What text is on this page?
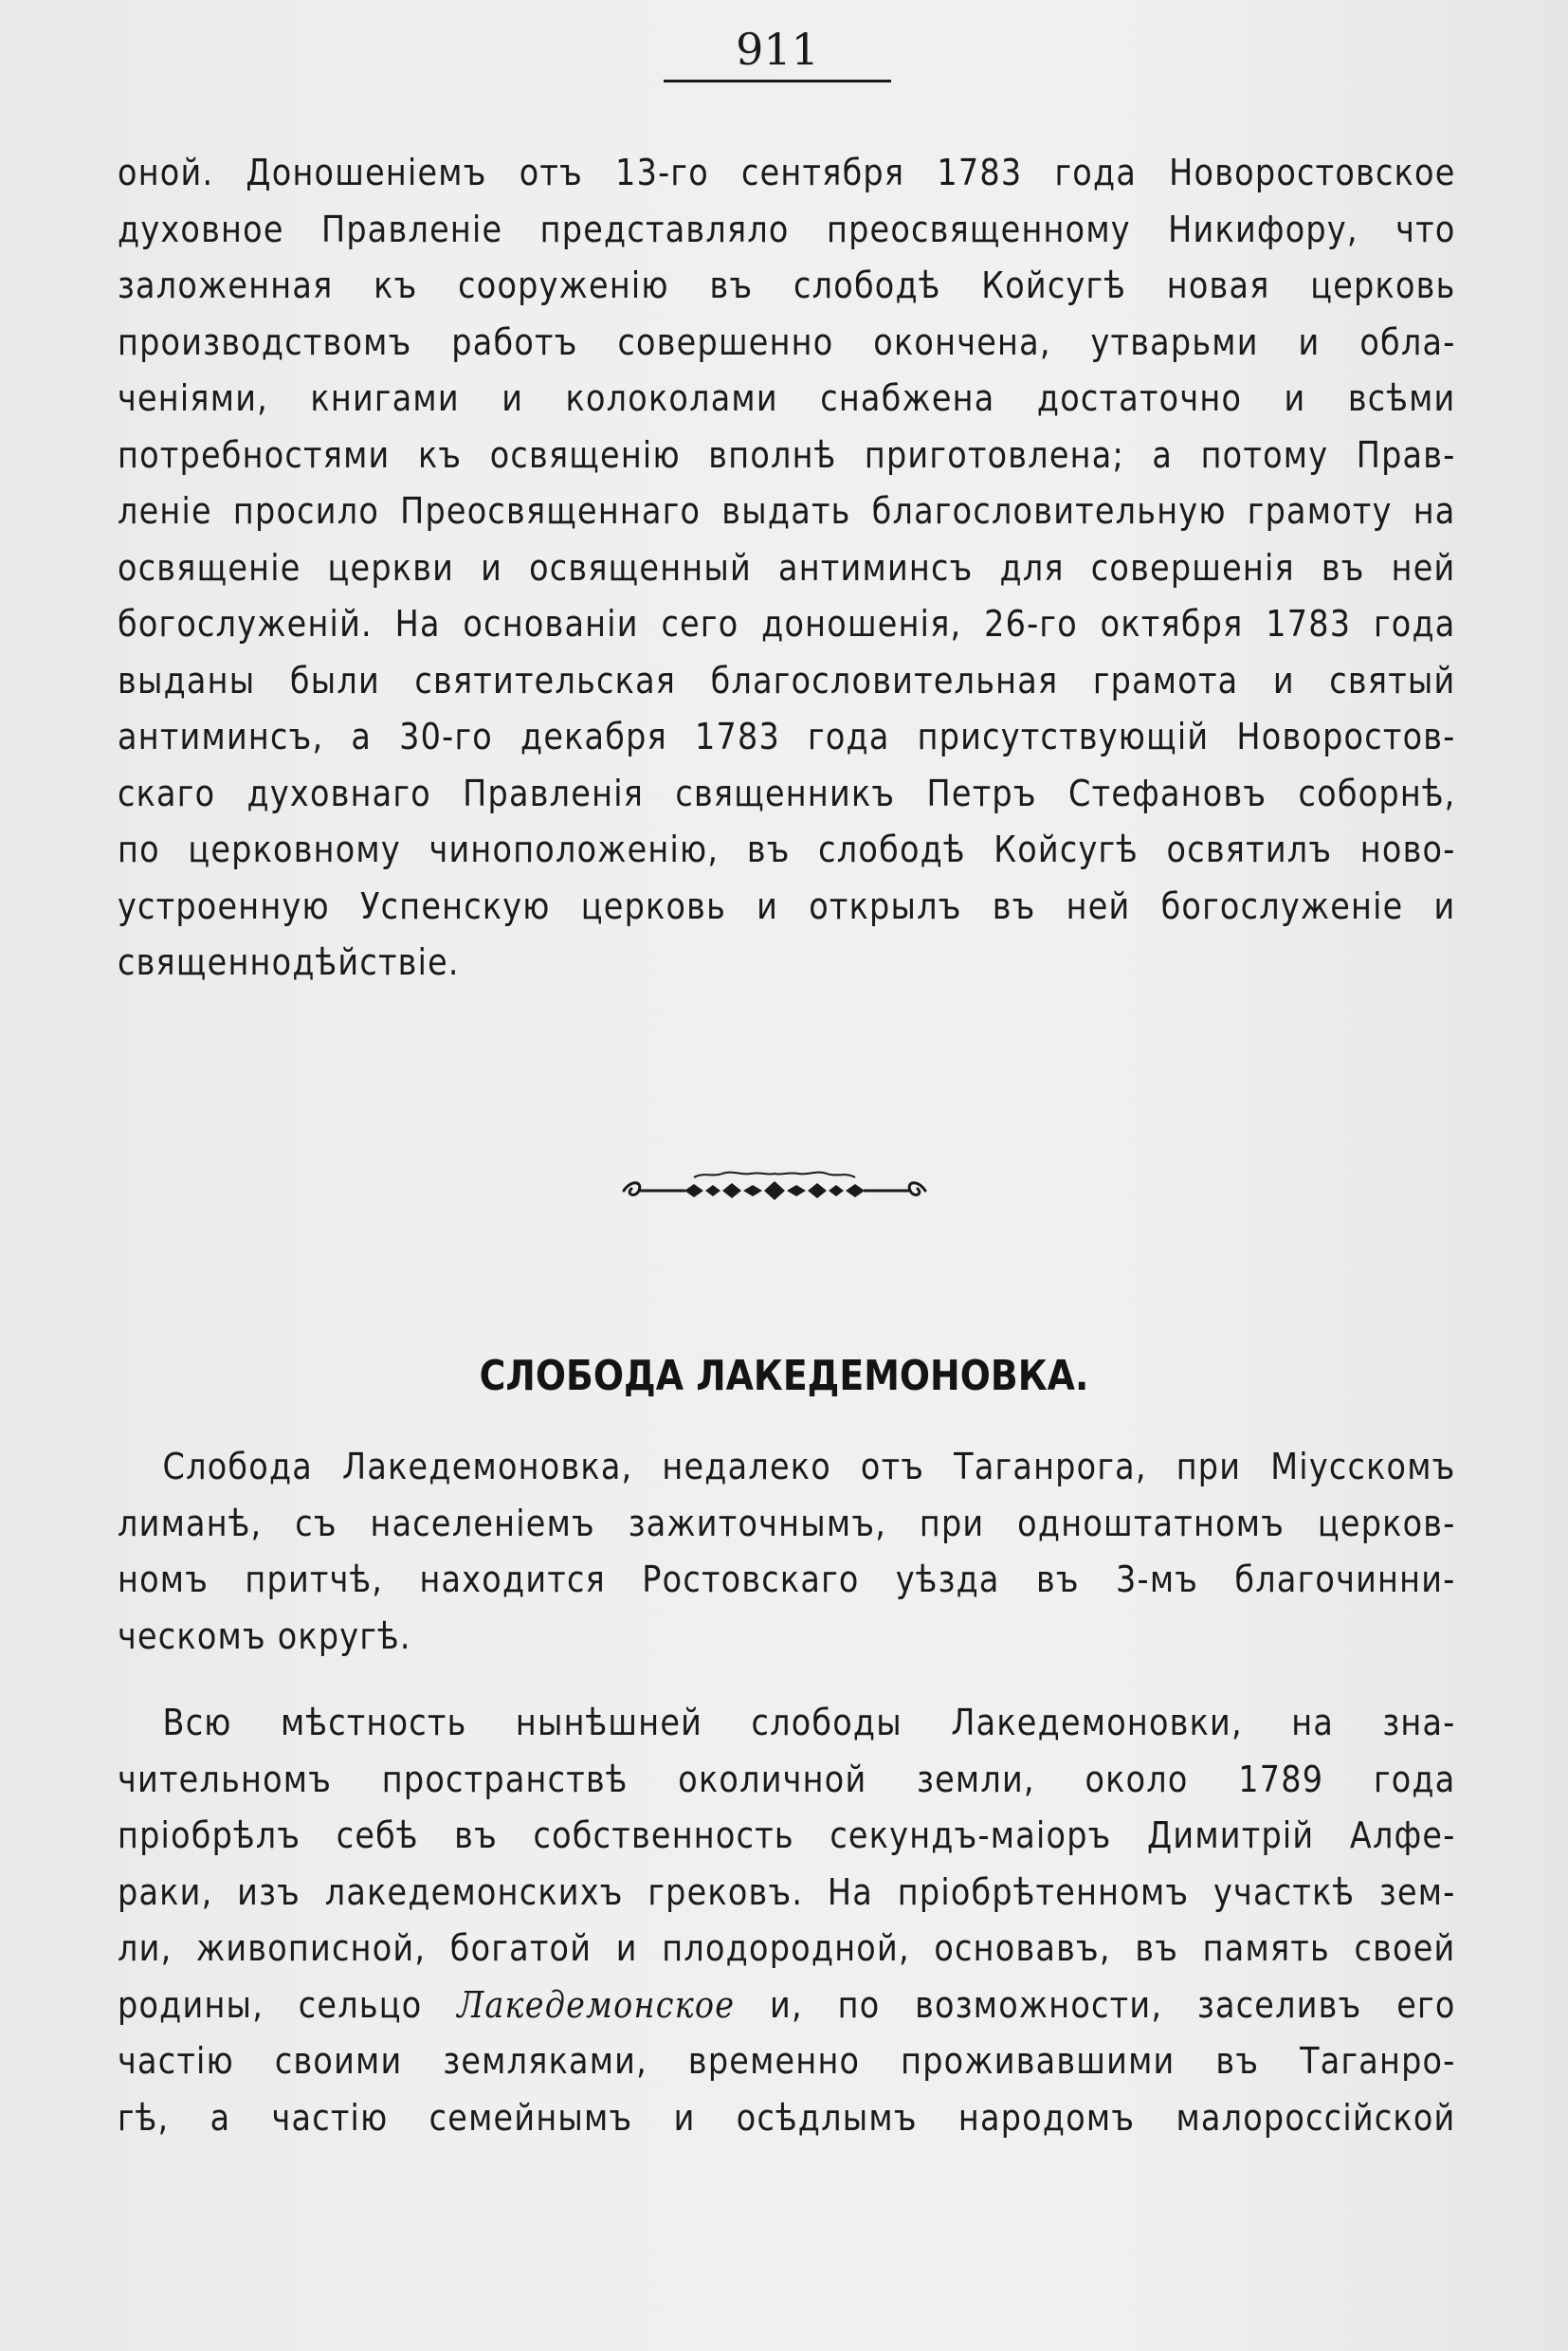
911
оной. Доношеніемъ отъ 13-го сентября 1783 года Новоростовское
духовное Правленіе представляло преосвященному Никифору, что
заложенная къ сооруженію въ слободѣ Койсугѣ новая церковь
производствомъ работъ совершенно окончена, утварьми и обла-
ченіями, книгами и колоколами снабжена достаточно и всѣми
потребностями къ освященію вполнѣ приготовлена; а потому Прав-
леніе просило Преосвященнаго выдать благословительную грамоту на
освященіе церкви и освященный антиминсъ для совершенія въ ней
богослуженій. На основаніи сего доношенія, 26-го октября 1783 года
выданы были святительская благословительная грамота и святый
антиминсъ, а 30-го декабря 1783 года присутствующій Новоростов-
скаго духовнаго Правленія священникъ Петръ Стефановъ соборнѣ,
по церковному чиноположенію, въ слободѣ Койсугѣ освятилъ ново-
устроенную Успенскую церковь и открылъ въ ней богослуженіе и
священнодѣйствіе.
СЛОБОДА ЛАКЕДЕМОНОВКА.
Слобода Лакедемоновка, недалеко отъ Таганрога, при Міусскомъ
лиманѣ, съ населеніемъ зажиточнымъ, при одноштатномъ церков-
номъ притчѣ, находится Ростовскаго уѣзда въ 3-мъ благочинни-
ческомъ округѣ.
Всю мѣстность нынѣшней слободы Лакедемоновки, на зна-
чительномъ пространствѣ околичной земли, около 1789 года
пріобрѣлъ себѣ въ собственность секундъ-маіоръ Димитрій Алфе-
раки, изъ лакедемонскихъ грековъ. На пріобрѣтенномъ участкѣ зем-
ли, живописной, богатой и плодородной, основавъ, въ память своей
родины, сельцо Лакедемонское и, по возможности, заселивъ его
частію своими земляками, временно проживавшими въ Таганро-
гѣ, а частію семейнымъ и осѣдлымъ народомъ малороссійской
